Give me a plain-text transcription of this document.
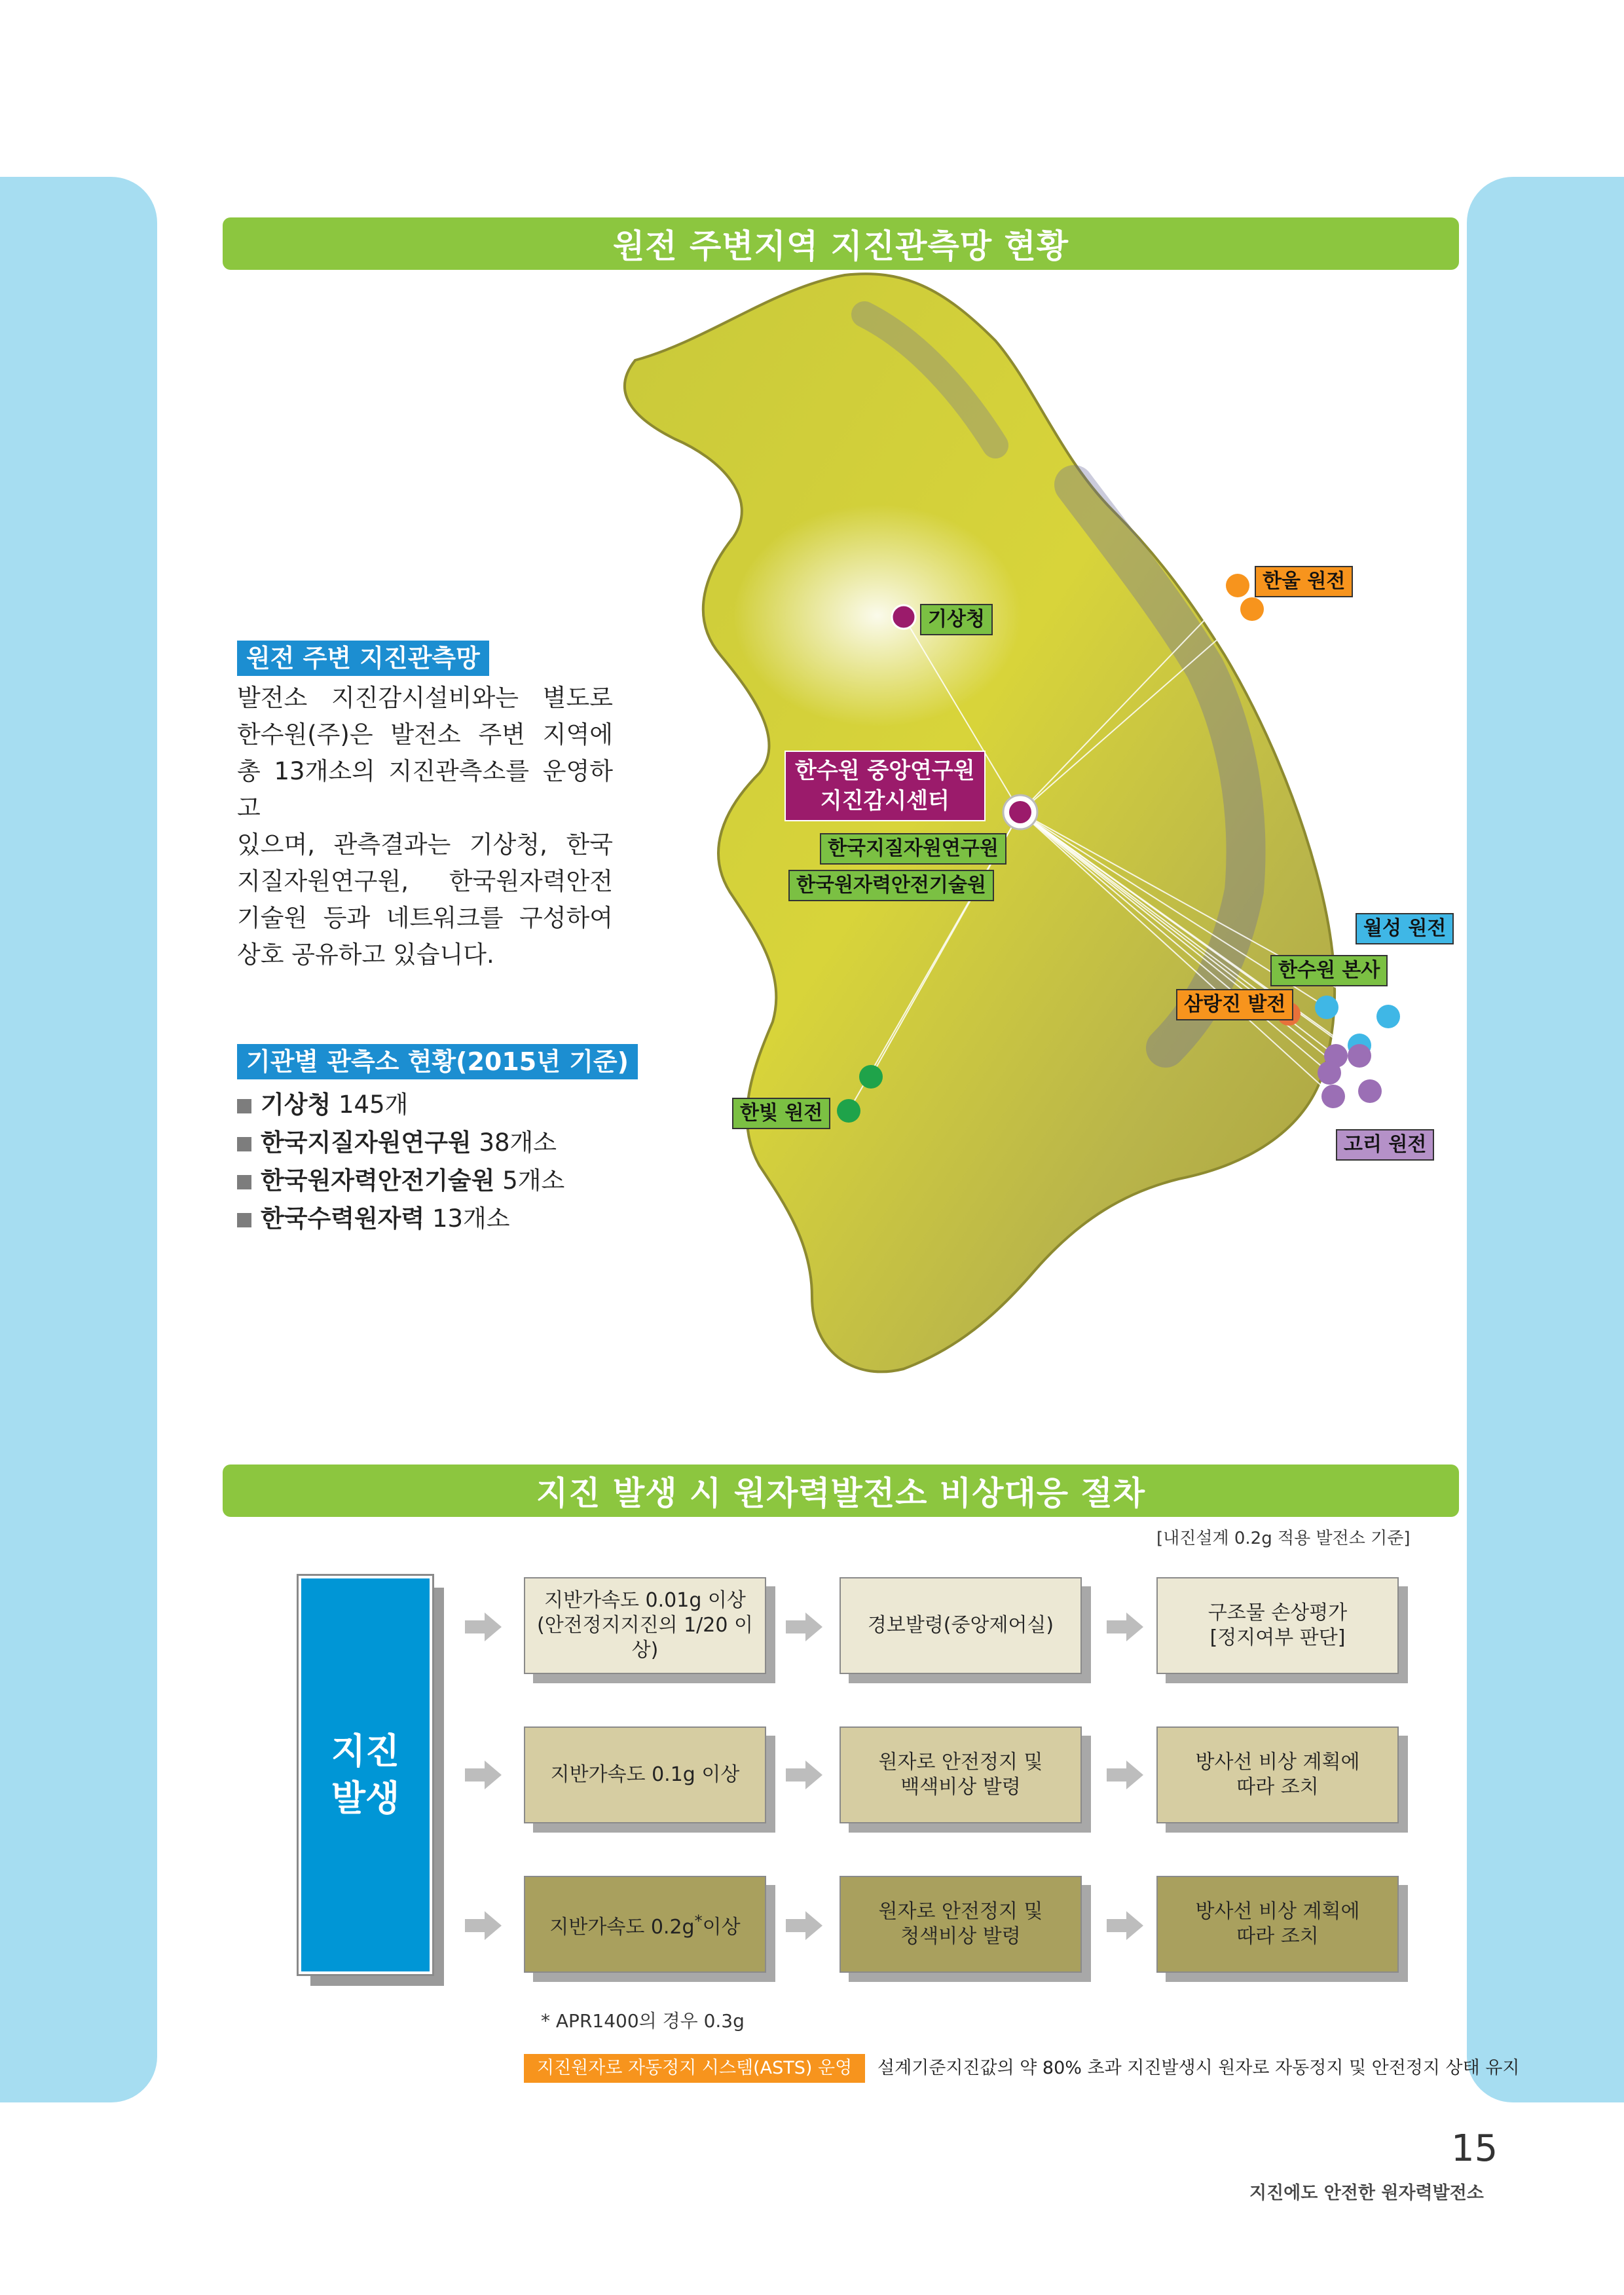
원전 주변지역 지진관측망 현황
기상청
한울 원전
한수원 중앙연구원
지진감시센터
한국지질자원연구원
한국원자력안전기술원
월성 원전
한수원 본사
삼랑진 발전
한빛 원전
고리 원전
원전 주변 지진관측망
발전소 지진감시설비와는 별도로
한수원(주)은 발전소 주변 지역에
총 13개소의 지진관측소를 운영하고
있으며, 관측결과는 기상청, 한국
지질자원연구원, 한국원자력안전
기술원 등과 네트워크를 구성하여
상호 공유하고 있습니다.
기관별 관측소 현황(2015년 기준)
기상청 145개
한국지질자원연구원 38개소
한국원자력안전기술원 5개소
한국수력원자력 13개소
지진 발생 시 원자력발전소 비상대응 절차
[내진설계 0.2g 적용 발전소 기준]
지진
발생
지반가속도 0.01g 이상
(안전정지지진의 1/20 이상)
경보발령(중앙제어실)
구조물 손상평가
[정지여부 판단]
지반가속도 0.1g 이상
원자로 안전정지 및
백색비상 발령
방사선 비상 계획에
따라 조치
지반가속도 0.2g*이상
원자로 안전정지 및
청색비상 발령
방사선 비상 계획에
따라 조치
* APR1400의 경우 0.3g
지진원자로 자동정지 시스템(ASTS) 운영	설계기준지진값의 약 80% 초과 지진발생시 원자로 자동정지 및 안전정지 상태 유지
15
지진에도 안전한 원자력발전소
